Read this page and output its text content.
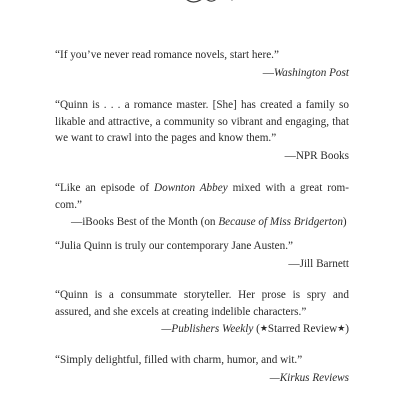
“If you’ve never read romance novels, start here.”
—Washington Post
“Quinn is . . . a romance master. [She] has created a family so likable and attractive, a community so vibrant and engaging, that we want to crawl into the pages and know them.”
—NPR Books
“Like an episode of Downton Abbey mixed with a great rom-com.”
—iBooks Best of the Month (on Because of Miss Bridgerton)
“Julia Quinn is truly our contemporary Jane Austen.”
—Jill Barnett
“Quinn is a consummate storyteller. Her prose is spry and assured, and she excels at creating indelible characters.”
—Publishers Weekly (★Starred Review★)
“Simply delightful, filled with charm, humor, and wit.”
—Kirkus Reviews
